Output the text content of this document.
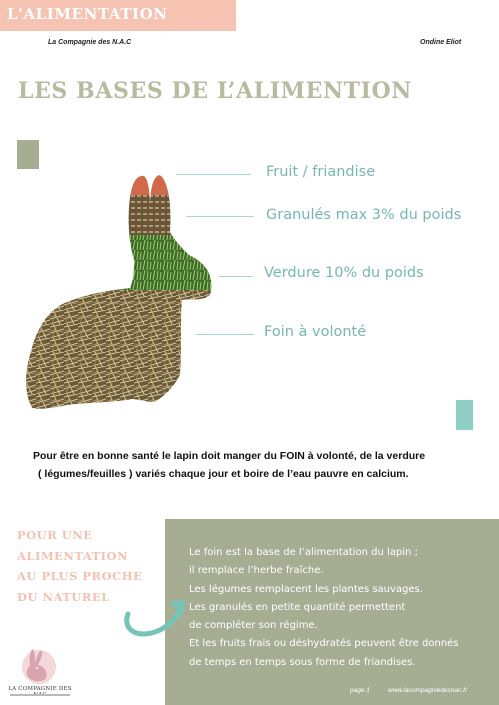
L'ALIMENTATION
La Compagnie des N.A.C	Ondine Eliot
LES BASES DE L’ALIMENTION
Fruit / friandise
Granulés max 3% du poids
Verdure 10% du poids
Foin à volonté
Pour être en bonne santé le lapin doit manger du FOIN à volonté, de la verdure
( légumes/feuilles ) variés chaque jour et boire de l’eau pauvre en calcium.
POUR UNE
ALIMENTATION
AU PLUS PROCHE
DU NATUREL
Le foin est la base de l’alimentation du lapin ;
il remplace l’herbe fraîche.
Les légumes remplacent les plantes sauvages.
Les granulés en petite quantité permettent
de compléter son régime.
Et les fruits frais ou déshydratés peuvent être donnés
de temps en temps sous forme de friandises.
LA COMPAGNIE DES	page 1	www.lacompagniedesnac.fr
